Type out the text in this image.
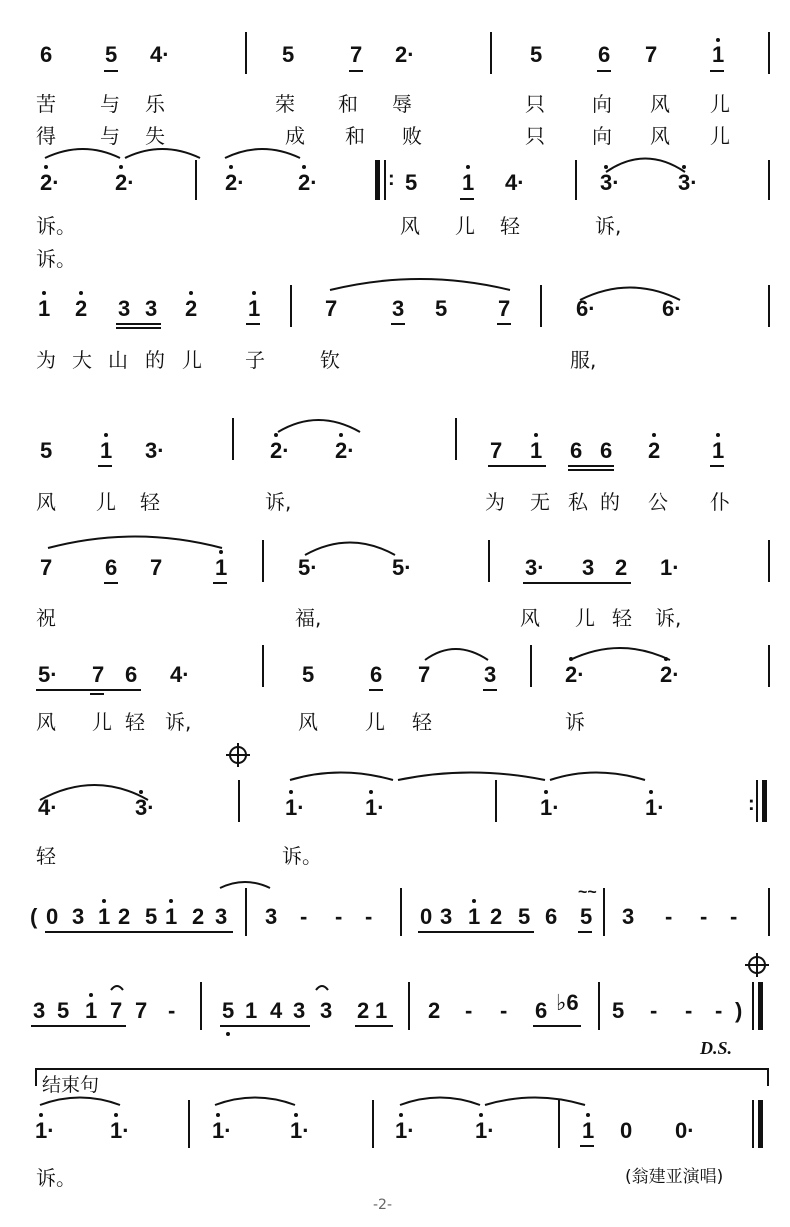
6 5 4·	5	7 2·	5	6 7 1
苦 与 乐	荣 和 辱	只 向 风 儿
得 与 失	成 和 败	只 向 风 儿
2·	2·	2· 2·	: 5 1 4·	3·	3·
诉。	风 儿 轻	诉,
诉。
1 2 3 3 2 1	7 3 5 7	6·	6·
为 大 山 的 儿 子	钦	服,
5 1 3·	2· 2·	7 1 6 6 2 1
风 儿 轻	诉,	为 无 私 的 公 仆
7 6 7 1	5·	5·	3· 3 2 1·
祝	福,	风 儿 轻 诉,
5· 7 6 4·	5	6 7 3	2·	2·
风 儿 轻 诉,	风 儿 轻	诉
4·	3·	1·	1·	1·	1·	:
轻	诉。
( 0 3 1 2 5 1 2 3 3 - - - 0 3 1 2 5 6 5
~~
3 - - -
3 5 1 7 7 - 5 1 4 3 3 2 1 2 - - 6 ♭6 5 - - - )
D.S.
结束句
1·	1·	1·	1·	1·	1·	1 0 0·
诉。	(翁建亚演唱)
-2-
